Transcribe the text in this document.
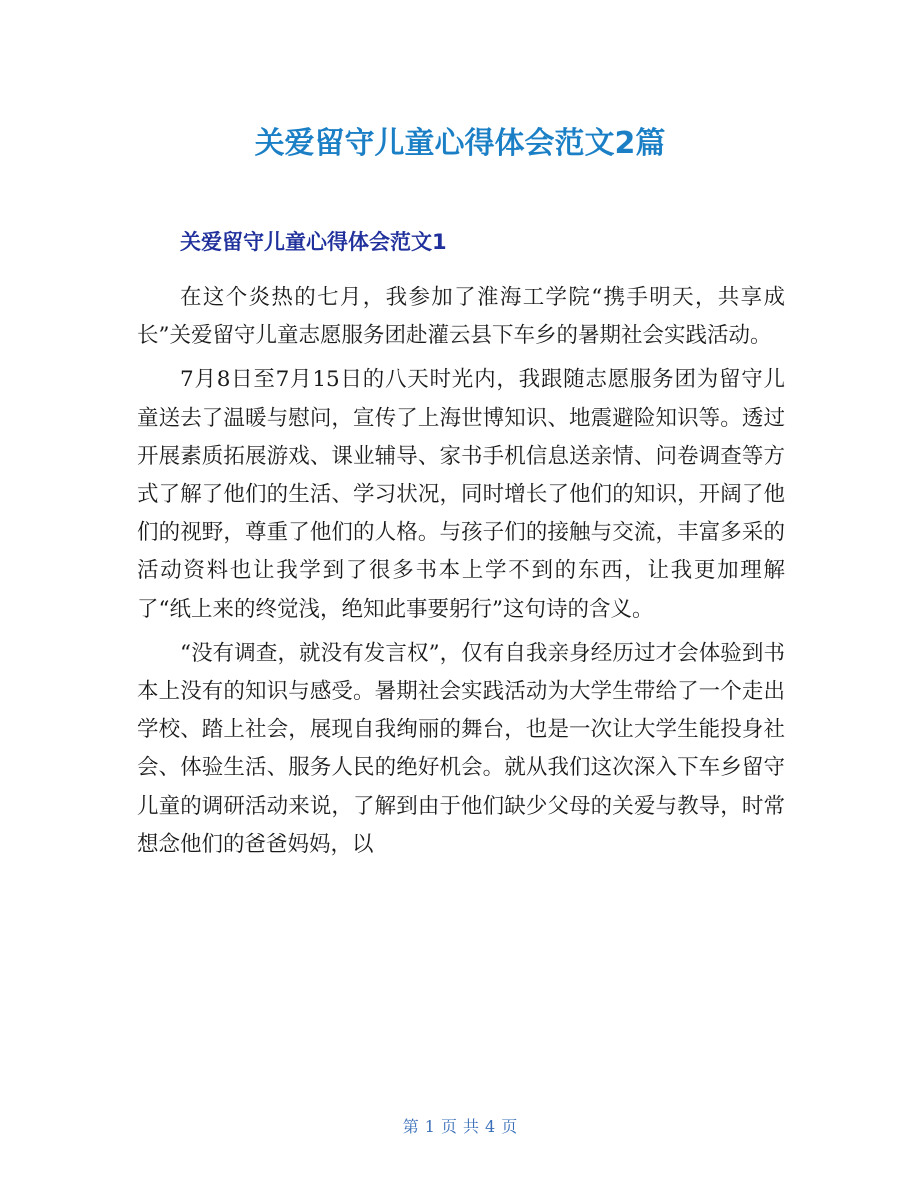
关爱留守儿童心得体会范文2篇
关爱留守儿童心得体会范文1

在这个炎热的七月，我参加了淮海工学院“携手明天，共享成长”关爱留守儿童志愿服务团赴灌云县下车乡的暑期社会实践活动。

7月8日至7月15日的八天时光内，我跟随志愿服务团为留守儿童送去了温暖与慰问，宣传了上海世博知识、地震避险知识等。透过开展素质拓展游戏、课业辅导、家书手机信息送亲情、问卷调查等方式了解了他们的生活、学习状况，同时增长了他们的知识，开阔了他们的视野，尊重了他们的人格。与孩子们的接触与交流，丰富多采的活动资料也让我学到了很多书本上学不到的东西，让我更加理解了“纸上来的终觉浅，绝知此事要躬行”这句诗的含义。

“没有调查，就没有发言权”，仅有自我亲身经历过才会体验到书本上没有的知识与感受。暑期社会实践活动为大学生带给了一个走出学校、踏上社会，展现自我绚丽的舞台，也是一次让大学生能投身社会、体验生活、服务人民的绝好机会。就从我们这次深入下车乡留守儿童的调研活动来说，了解到由于他们缺少父母的关爱与教导，时常想念他们的爸爸妈妈，以

第 1 页 共 4 页
